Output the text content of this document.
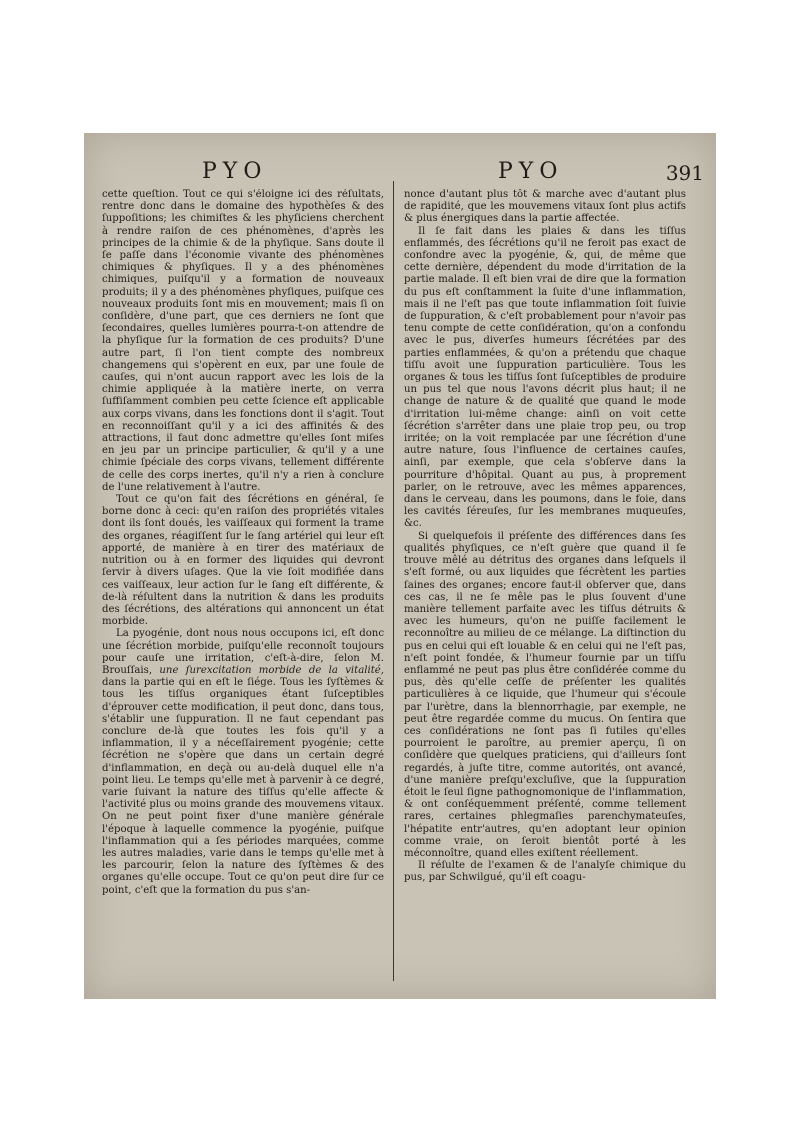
PYO	PYO	391

cette queſtion. Tout ce qui s'éloigne ici des réſultats, rentre donc dans le domaine des hypothèſes & des ſuppoſitions; les chimiſtes & les phyſiciens cherchent à rendre raiſon de ces phénomènes, d'après les principes de la chimie & de la phyſique. Sans doute il ſe paſſe dans l'économie vivante des phénomènes chimiques & phyſiques. Il y a des phénomènes chimiques, puiſqu'il y a formation de nouveaux produits; il y a des phénomènes phyſiques, puiſque ces nouveaux produits ſont mis en mouvement; mais ſi on conſidère, d'une part, que ces derniers ne ſont que ſecondaires, quelles lumières pourra-t-on attendre de la phyſique ſur la formation de ces produits? D'une autre part, ſi l'on tient compte des nombreux changemens qui s'opèrent en eux, par une foule de cauſes, qui n'ont aucun rapport avec les lois de la chimie appliquée à la matière inerte, on verra ſuffiſamment combien peu cette ſcience eſt applicable aux corps vivans, dans les fonctions dont il s'agit. Tout en reconnoiſſant qu'il y a ici des affinités & des attractions, il faut donc admettre qu'elles ſont miſes en jeu par un principe particulier, & qu'il y a une chimie ſpéciale des corps vivans, tellement différente de celle des corps inertes, qu'il n'y a rien à conclure de l'une relativement à l'autre.

Tout ce qu'on fait des ſécrétions en général, ſe borne donc à ceci: qu'en raiſon des propriétés vitales dont ils ſont doués, les vaiſſeaux qui forment la trame des organes, réagiſſent ſur le ſang artériel qui leur eſt apporté, de manière à en tirer des matériaux de nutrition ou à en former des liquides qui devront ſervir à divers uſages. Que la vie ſoit modifiée dans ces vaiſſeaux, leur action ſur le ſang eſt différente, & de-là réſultent dans la nutrition & dans les produits des ſécrétions, des altérations qui annoncent un état morbide.

La pyogénie, dont nous nous occupons ici, eſt donc une ſécrétion morbide, puiſqu'elle reconnoît toujours pour cauſe une irritation, c'eſt-à-dire, ſelon M. Brouſſais, une ſurexcitation morbide de la vitalité, dans la partie qui en eſt le ſiége. Tous les ſyſtèmes & tous les tiſſus organiques étant ſuſceptibles d'éprouver cette modification, il peut donc, dans tous, s'établir une ſuppuration. Il ne faut cependant pas conclure de-là que toutes les fois qu'il y a inflammation, il y a néceſſairement pyogénie; cette ſécrétion ne s'opère que dans un certain degré d'inflammation, en deçà ou au-delà duquel elle n'a point lieu. Le temps qu'elle met à parvenir à ce degré, varie ſuivant la nature des tiſſus qu'elle affecte & l'activité plus ou moins grande des mouvemens vitaux. On ne peut point fixer d'une manière générale l'époque à laquelle commence la pyogénie, puiſque l'inflammation qui a ſes périodes marquées, comme les autres maladies, varie dans le temps qu'elle met à les parcourir, ſelon la nature des ſyſtèmes & des organes qu'elle occupe. Tout ce qu'on peut dire ſur ce point, c'eſt que la formation du pus s'an-

nonce d'autant plus tôt & marche avec d'autant plus de rapidité, que les mouvemens vitaux ſont plus actifs & plus énergiques dans la partie affectée.

Il ſe fait dans les plaies & dans les tiſſus enflammés, des ſécrétions qu'il ne feroit pas exact de confondre avec la pyogénie, &, qui, de même que cette dernière, dépendent du mode d'irritation de la partie malade. Il eſt bien vrai de dire que la formation du pus eſt conſtamment la ſuite d'une inflammation, mais il ne l'eſt pas que toute inflammation ſoit ſuivie de ſuppuration, & c'eſt probablement pour n'avoir pas tenu compte de cette conſidération, qu'on a confondu avec le pus, diverſes humeurs ſécrétées par des parties enflammées, & qu'on a prétendu que chaque tiſſu avoit une ſuppuration particulière. Tous les organes & tous les tiſſus ſont ſuſceptibles de produire un pus tel que nous l'avons décrit plus haut; il ne change de nature & de qualité que quand le mode d'irritation lui-même change: ainſi on voit cette ſécrétion s'arrêter dans une plaie trop peu, ou trop irritée; on la voit remplacée par une ſécrétion d'une autre nature, ſous l'influence de certaines cauſes, ainſi, par exemple, que cela s'obſerve dans la pourriture d'hôpital. Quant au pus, à proprement parler, on le retrouve, avec les mêmes apparences, dans le cerveau, dans les poumons, dans le foie, dans les cavités ſéreuſes, ſur les membranes muqueuſes, &c.

Si quelquefois il préſente des différences dans ſes qualités phyſiques, ce n'eſt guère que quand il ſe trouve mêlé au détritus des organes dans leſquels il s'eſt formé, ou aux liquides que ſécrètent les parties ſaines des organes; encore faut-il obſerver que, dans ces cas, il ne ſe mêle pas le plus ſouvent d'une manière tellement parfaite avec les tiſſus détruits & avec les humeurs, qu'on ne puiſſe facilement le reconnoître au milieu de ce mélange. La diſtinction du pus en celui qui eſt louable & en celui qui ne l'eſt pas, n'eſt point fondée, & l'humeur fournie par un tiſſu enflammé ne peut pas plus être conſidérée comme du pus, dès qu'elle ceſſe de préſenter les qualités particulières à ce liquide, que l'humeur qui s'écoule par l'urètre, dans la blennorrhagie, par exemple, ne peut être regardée comme du mucus. On ſentira que ces conſidérations ne ſont pas ſi futiles qu'elles pourroient le paroître, au premier aperçu, ſi on conſidère que quelques praticiens, qui d'ailleurs ſont regardés, à juſte titre, comme autorités, ont avancé, d'une manière preſqu'excluſive, que la ſuppuration étoit le ſeul ſigne pathognomonique de l'inflammation, & ont conſéquemment préſenté, comme tellement rares, certaines phlegmaſies parenchymateuſes, l'hépatite entr'autres, qu'en adoptant leur opinion comme vraie, on ſeroit bientôt porté à les méconnoître, quand elles exiſtent réellement.

Il réſulte de l'examen & de l'analyſe chimique du pus, par Schwilgué, qu'il eſt coagu-
